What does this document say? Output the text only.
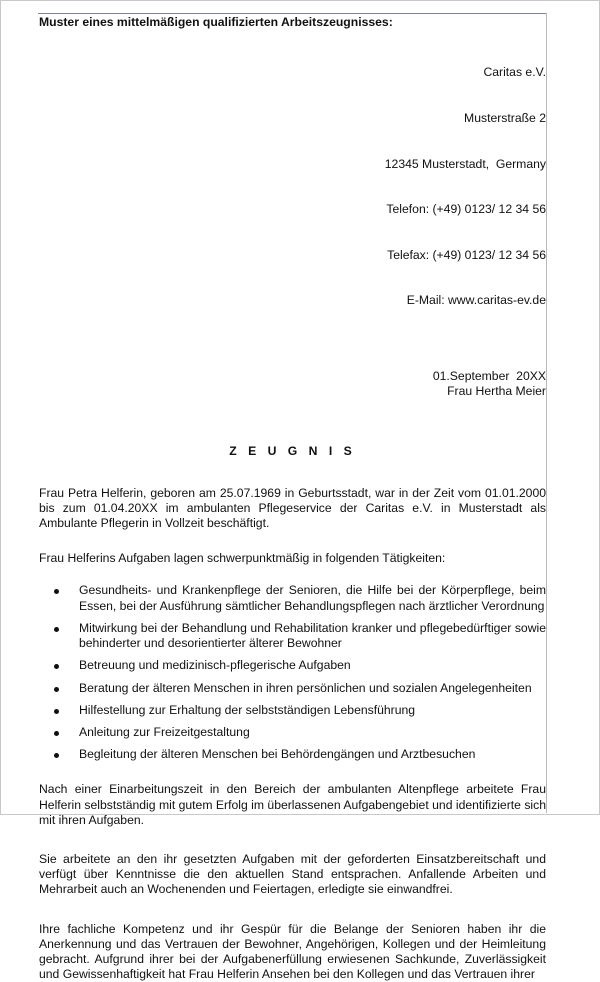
Muster eines mittelmäßigen qualifizierten Arbeitszeugnisses:

Caritas e.V.

Musterstraße 2

12345 Musterstadt,  Germany

Telefon: (+49) 0123/ 12 34 56

Telefax: (+49) 0123/ 12 34 56

E-Mail: www.caritas-ev.de

01.September  20XX
Frau Hertha Meier
Z E U G N I S

Frau Petra Helferin, geboren am 25.07.1969 in Geburtsstadt, war in der Zeit vom 01.01.2000 bis zum 01.04.20XX im ambulanten Pflegeservice der Caritas e.V. in Musterstadt als Ambulante Pflegerin in Vollzeit beschäftigt.

Frau Helferins Aufgaben lagen schwerpunktmäßig in folgenden Tätigkeiten:

Gesundheits- und Krankenpflege der Senioren, die Hilfe bei der Körperpflege, beim Essen, bei der Ausführung sämtlicher Behandlungspflegen nach ärztlicher Verordnung
Mitwirkung bei der Behandlung und Rehabilitation kranker und pflegebedürftiger sowie behinderter und desorientierter älterer Bewohner
Betreuung und medizinisch-pflegerische Aufgaben
Beratung der älteren Menschen in ihren persönlichen und sozialen Angelegenheiten
Hilfestellung zur Erhaltung der selbstständigen Lebensführung
Anleitung zur Freizeitgestaltung
Begleitung der älteren Menschen bei Behördengängen und Arztbesuchen

Nach einer Einarbeitungszeit in den Bereich der ambulanten Altenpflege arbeitete Frau Helferin selbstständig mit gutem Erfolg im überlassenen Aufgabengebiet und identifizierte sich mit ihren Aufgaben.

Sie arbeitete an den ihr gesetzten Aufgaben mit der geforderten Einsatzbereitschaft und verfügt über Kenntnisse die den aktuellen Stand entsprachen. Anfallende Arbeiten und Mehrarbeit auch an Wochenenden und Feiertagen, erledigte sie einwandfrei.

Ihre fachliche Kompetenz und ihr Gespür für die Belange der Senioren haben ihr die Anerkennung und das Vertrauen der Bewohner, Angehörigen, Kollegen und der Heimleitung gebracht. Aufgrund ihrer bei der Aufgabenerfüllung erwiesenen Sachkunde, Zuverlässigkeit und Gewissenhaftigkeit hat Frau Helferin Ansehen bei den Kollegen und das Vertrauen ihrer
